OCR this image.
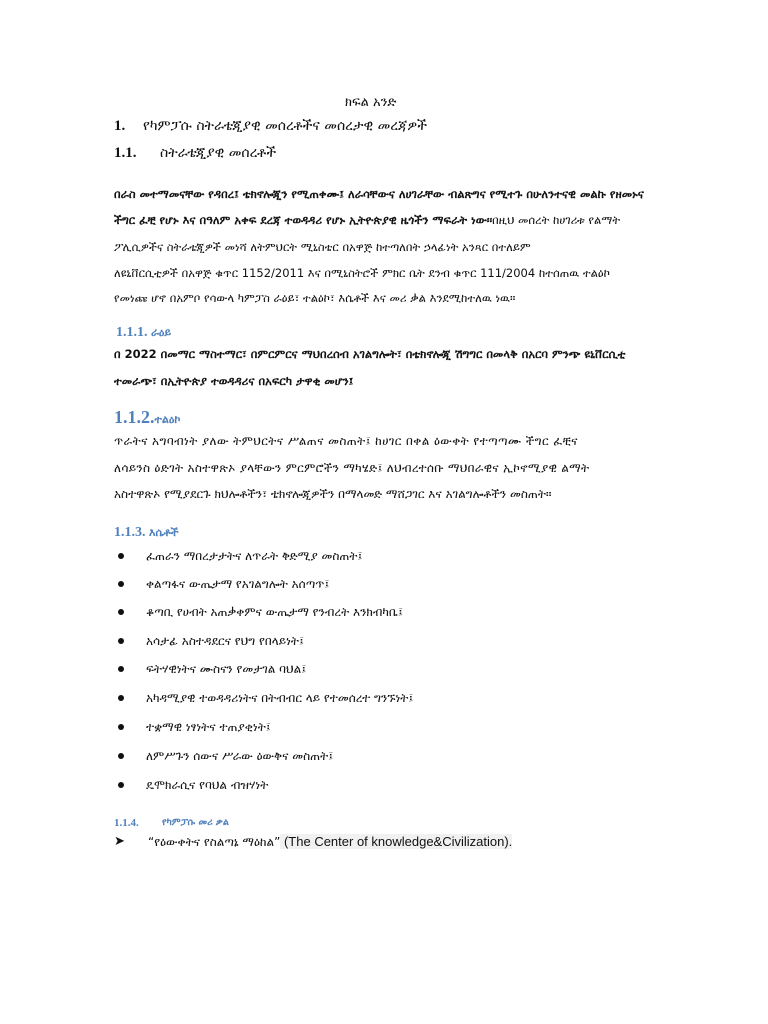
ክፍል አንድ
1. የካምፓሱ ስትራቴጂያዊ መሰረቶችና መሰረታዊ መረጃዎች
1.1. ስትራቴጂያዊ መሰረቶች
በራስ መተማመናቸው የዳበረ፤ ቴክኖሎጂን የሚጠቀሙ፤ ለራሳቸውና ለሀገራቸው ብልጽግና የሚተጉ በሁለንተናዊ መልኩ የዘመኑና
ችግር ፈቺ የሆኑ እና በዓለም አቀፍ ደረጃ ተወዳዳሪ የሆኑ ኢትዮጵያዊ ዜጎችን ማፍራት ነው፡፡በዚህ መሰረት ከሀገሪቱ የልማት
ፖሊሲዎችና ስትራቴጂዎች መነሻ ለትምህርት ሚኒስቴር በአዋጅ ከተጣለበት ኃላፊነት አንጻር በተለይም
ለዩኒቨርሲቲዎች በአዋጅ ቁጥር 1152/2011 እና በሚኒስትሮች ምክር ቤት ደንብ ቁጥር 111/2004 ከተሰጠዉ ተልዕኮ
የመነጩ ሆኖ በአምቦ የሳውላ ካምፓስ ራዕይ፣ ተልዕኮ፣ እሴቶች እና መሪ ቃል እንደሚከተለዉ ነዉ።
1.1.1. ራዕይ
በ 2022 በመማር ማስተማር፣ በምርምርና ማህበረሰብ አገልግሎት፣ በቴክኖሎጂ ሽግግር በመላቅ በአርባ ምንጭ ዩኒቨርሲቲ
ተመራጭ፣ በኢትዮጵያ ተወዳዳሪና በአፍርካ ታዋቂ መሆን፤
1.1.2.ተልዕኮ
ጥራትና አግባብነት ያለው ትምህርትና ሥልጠና መስጠት፤ ከሀገር በቀል ዕውቀት የተጣጣሙ ችግር ፈቺና
ለሳይንስ ዕድገት አስተዋጽኦ ያላቸውን ምርምሮችን ማካሄድ፤ ለህብረተሰቡ ማህበራዊና ኢኮኖሚያዊ ልማት
አስተዋጽኦ የሚያደርጉ ክህሎቶችን፣ ቴክኖሎጂዎችን በማላመድ ማሸጋገር እና አገልግሎቶችን መስጠት።
1.1.3. እሴቶች
ፈጠራን ማበረታታትና ለጥራት ቅድሚያ መስጠት፤
ቀልጣፋና ውጤታማ የአገልግሎት አሰጣጥ፤
ቆጣቢ የሀብት አጠቃቀምና ውጤታማ የንብረት እንክብካቤ፤
አሳታፊ አስተዳደርና የህግ የበላይነት፤
ፍትሃዊነትና ሙስናን የመታገል ባህል፤
አካዳሚያዊ ተወዳዳሪነትና በትብብር ላይ የተመሰረተ ግንኙነት፤
ተቋማዊ ነፃነትና ተጠያቂነት፤
ለምሥጉን ሰውና ሥራው ዕውቅና መስጠት፤
ዴሞክራሲና የባህል ብዝሃነት
1.1.4. የካምፓሱ መሪ ቃል
➤ “የዕውቀትና የስልጣኔ ማዕከል” (The Center of knowledge&Civilization).
